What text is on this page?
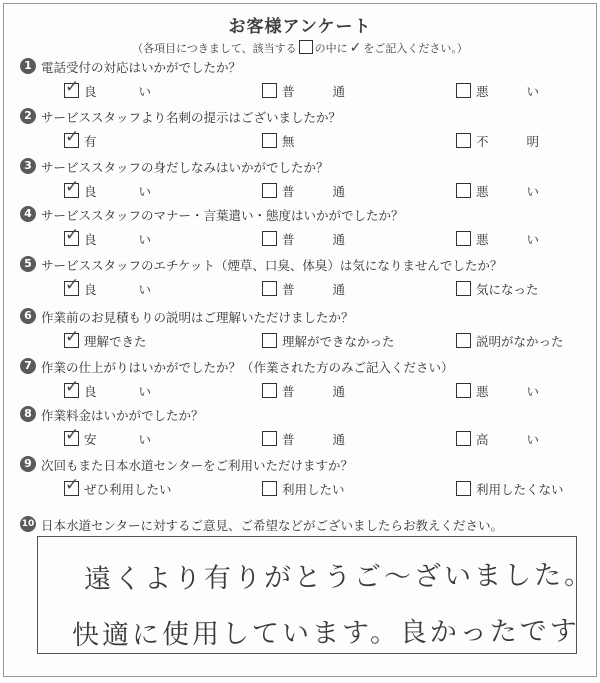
お客様アンケート
（各項目につきまして、該当する の中に ✓ をご記入ください。）
1 電話受付の対応はいかがでしたか？
✓ 良い	普通	悪い
2 サービススタッフより名刺の提示はございましたか？
✓ 有	無	不明
3 サービススタッフの身だしなみはいかがでしたか？
✓ 良い	普通	悪い
4 サービススタッフのマナー・言葉遣い・態度はいかがでしたか？
✓ 良い	普通	悪い
5 サービススタッフのエチケット（煙草、口臭、体臭）は気になりませんでしたか？
✓ 良い	普通	気になった
6 作業前のお見積もりの説明はご理解いただけましたか？
✓ 理解できた	理解ができなかった	説明がなかった
7 作業の仕上がりはいかがでしたか？（作業された方のみご記入ください）
✓ 良い	普通	悪い
8 作業料金はいかがでしたか？
✓ 安い	普通	高い
9 次回もまた日本水道センターをご利用いただけますか？
✓ ぜひ利用したい	利用したい	利用したくない
10 日本水道センターに対するご意見、ご希望などがございましたらお教えください。
遠くより有りがとうご～ざいました。
快適に使用しています。良かったです
